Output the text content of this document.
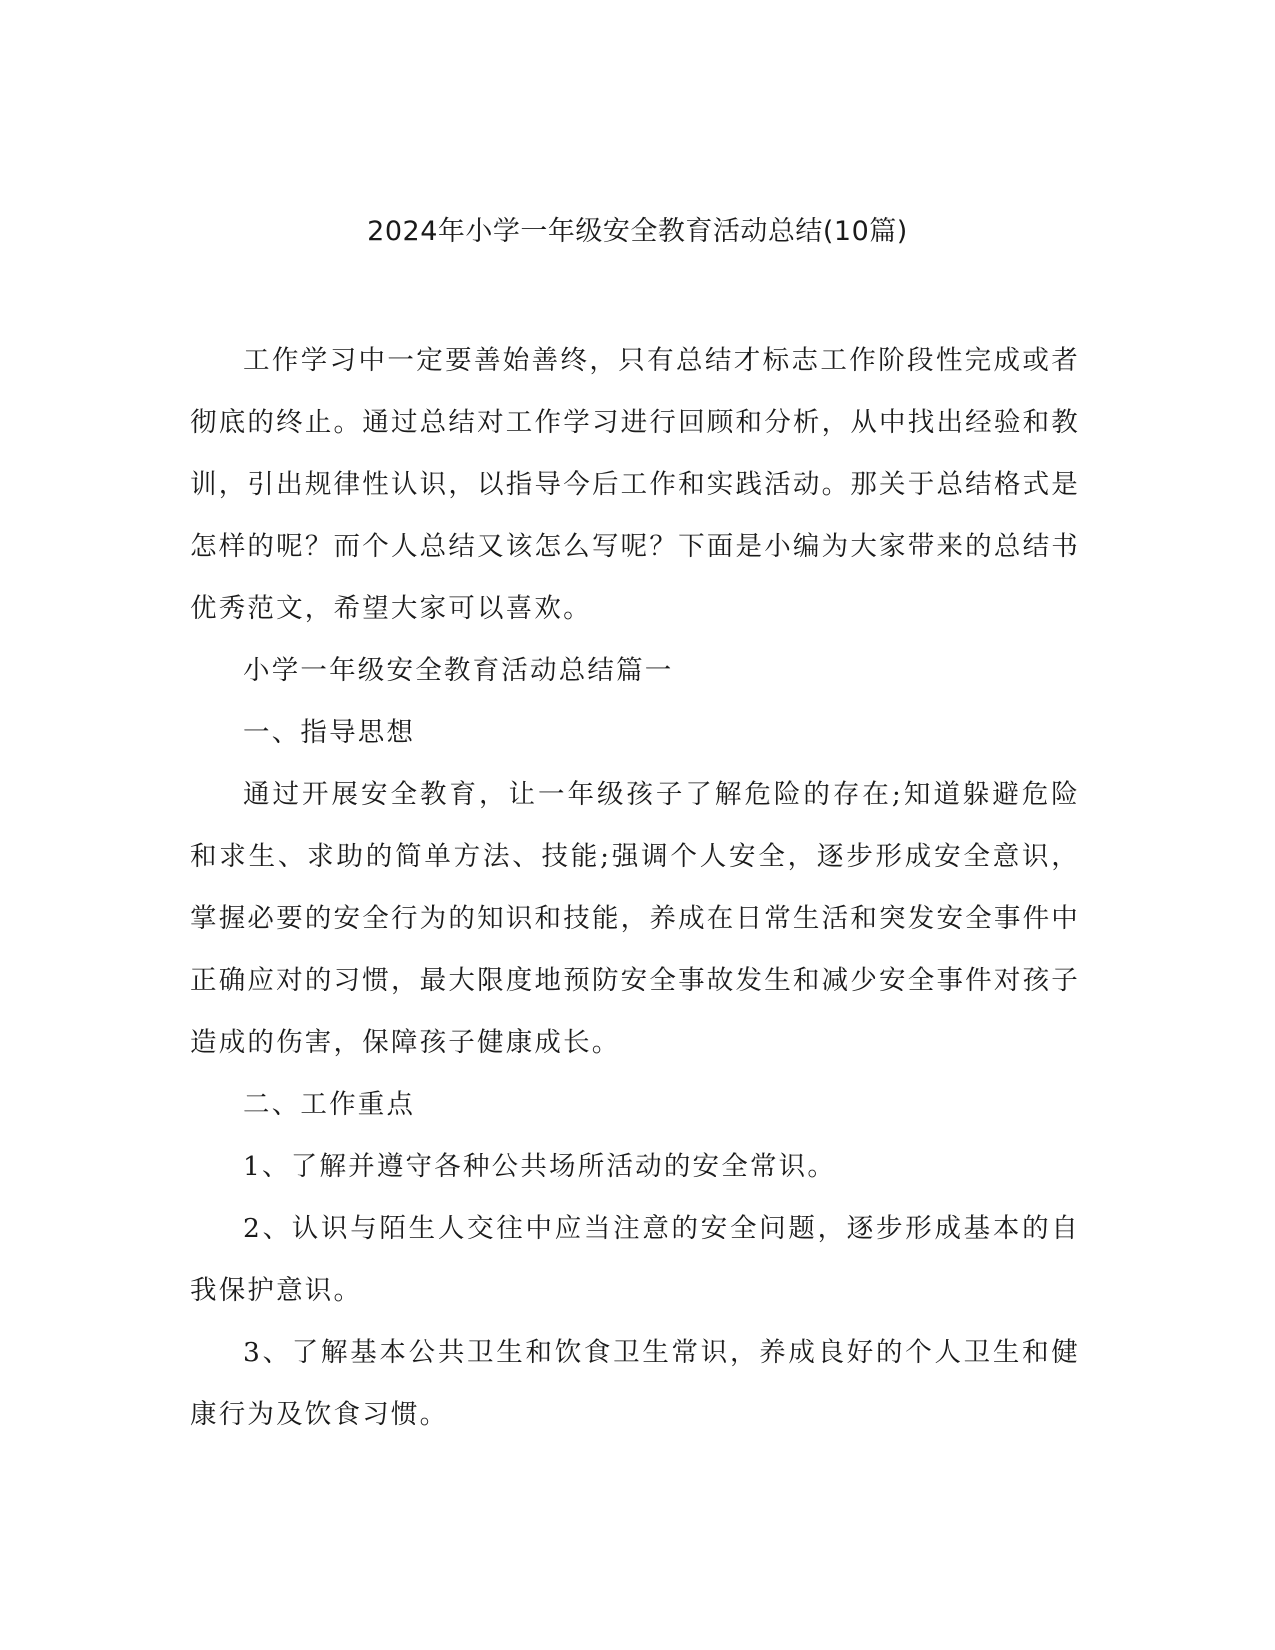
2024年小学一年级安全教育活动总结(10篇)

工作学习中一定要善始善终，只有总结才标志工作阶段性完成或者彻底的终止。通过总结对工作学习进行回顾和分析，从中找出经验和教训，引出规律性认识，以指导今后工作和实践活动。那关于总结格式是怎样的呢？而个人总结又该怎么写呢？下面是小编为大家带来的总结书优秀范文，希望大家可以喜欢。

小学一年级安全教育活动总结篇一

一、指导思想

通过开展安全教育，让一年级孩子了解危险的存在;知道躲避危险和求生、求助的简单方法、技能;强调个人安全，逐步形成安全意识，掌握必要的安全行为的知识和技能，养成在日常生活和突发安全事件中正确应对的习惯，最大限度地预防安全事故发生和减少安全事件对孩子造成的伤害，保障孩子健康成长。

二、工作重点

1、了解并遵守各种公共场所活动的安全常识。

2、认识与陌生人交往中应当注意的安全问题，逐步形成基本的自我保护意识。

3、了解基本公共卫生和饮食卫生常识，养成良好的个人卫生和健康行为及饮食习惯。
